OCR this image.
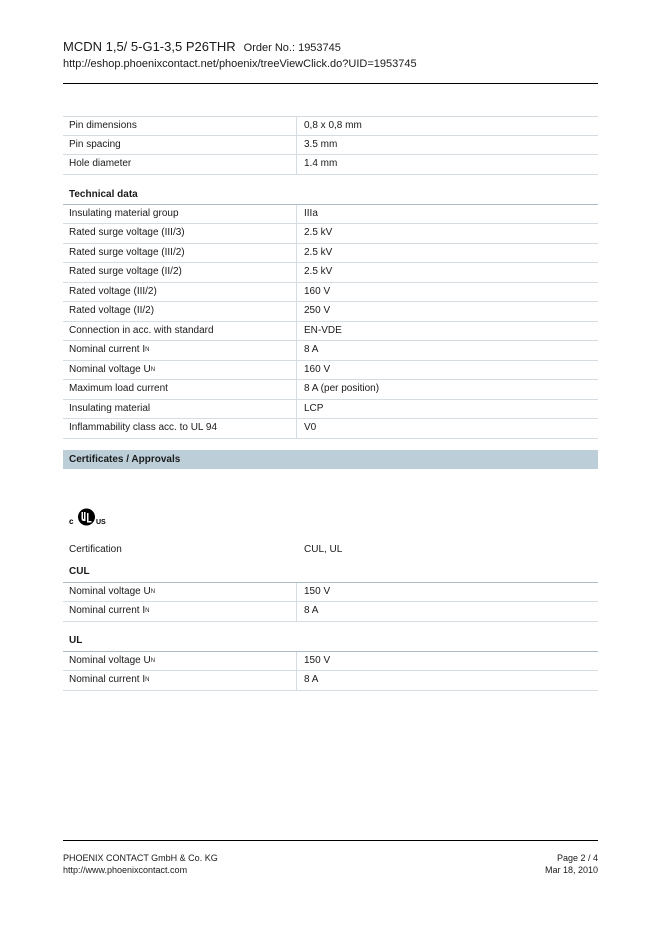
MCDN 1,5/ 5-G1-3,5 P26THR Order No.: 1953745
http://eshop.phoenixcontact.net/phoenix/treeViewClick.do?UID=1953745
Pin dimensions	0,8 x 0,8 mm
Pin spacing	3.5 mm
Hole diameter	1.4 mm
Technical data
Insulating material group	IIIa
Rated surge voltage (III/3)	2.5 kV
Rated surge voltage (III/2)	2.5 kV
Rated surge voltage (II/2)	2.5 kV
Rated voltage (III/2)	160 V
Rated voltage (II/2)	250 V
Connection in acc. with standard	EN-VDE
Nominal current I N	8 A
Nominal voltage U N	160 V
Maximum load current	8 A (per position)
Insulating material	LCP
Inflammability class acc. to UL 94	V0
Certificates / Approvals
c	US
Certification	CUL, UL
CUL
Nominal voltage U N	150 V
Nominal current I N	8 A
UL
Nominal voltage U N	150 V
Nominal current I N	8 A
PHOENIX CONTACT GmbH & Co. KG
http://www.phoenixcontact.com
Page 2 / 4
Mar 18, 2010
